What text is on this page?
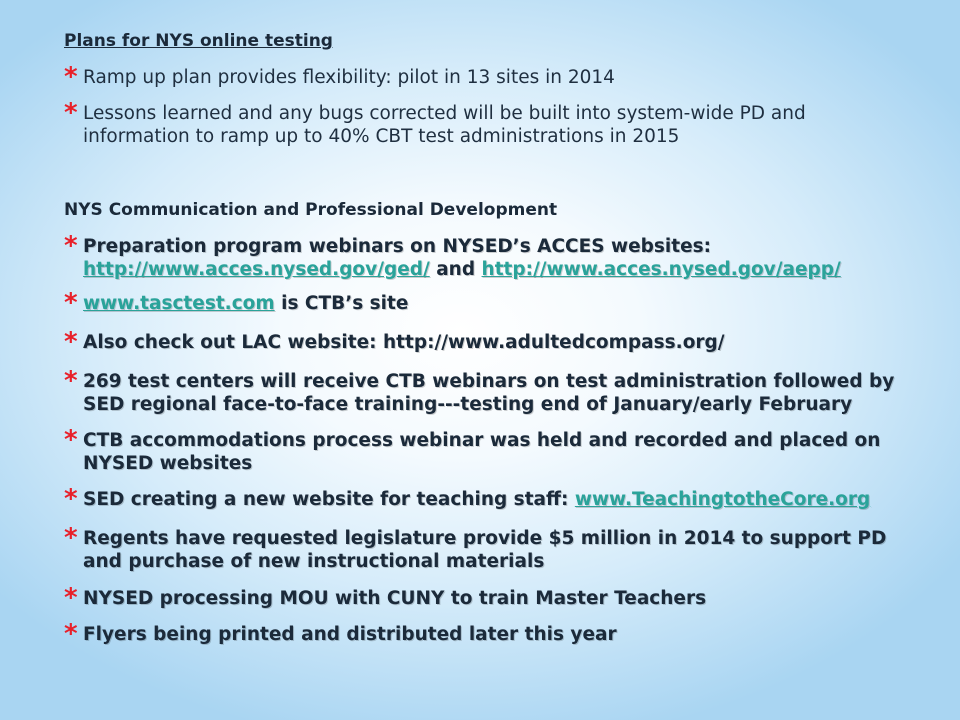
Plans for NYS online testing
* Ramp up plan provides flexibility: pilot in 13 sites in 2014
* Lessons learned and any bugs corrected will be built into system-wide PD and
information to ramp up to 40% CBT test administrations in 2015
NYS Communication and Professional Development
* Preparation program webinars on NYSED’s ACCES websites:
http://www.acces.nysed.gov/ged/ and http://www.acces.nysed.gov/aepp/
* www.tasctest.com is CTB’s site
* Also check out LAC website: http://www.adultedcompass.org/
* 269 test centers will receive CTB webinars on test administration followed by
SED regional face-to-face training---testing end of January/early February
* CTB accommodations process webinar was held and recorded and placed on
NYSED websites
* SED creating a new website for teaching staff: www.TeachingtotheCore.org
* Regents have requested legislature provide $5 million in 2014 to support PD
and purchase of new instructional materials
* NYSED processing MOU with CUNY to train Master Teachers
* Flyers being printed and distributed later this year
